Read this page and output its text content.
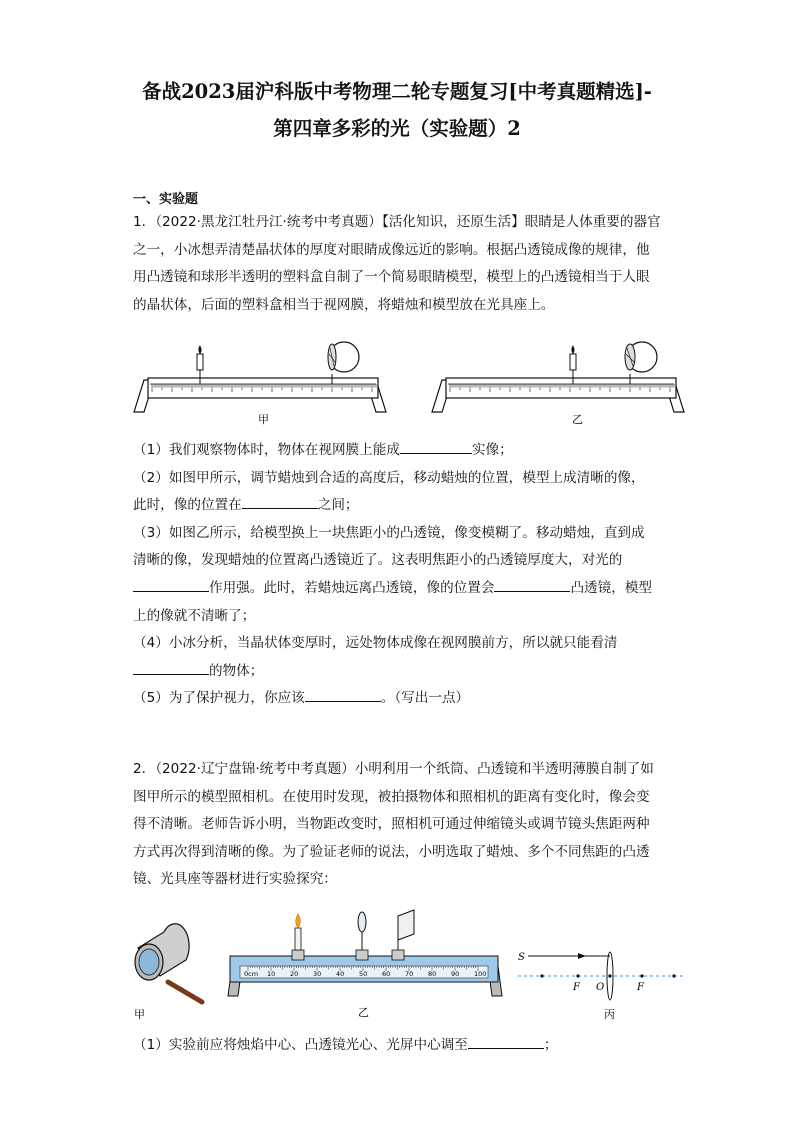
备战2023届沪科版中考物理二轮专题复习[中考真题精选]-
第四章多彩的光（实验题）2
一、实验题
1．（2022·黑龙江牡丹江·统考中考真题）【活化知识，还原生活】眼睛是人体重要的器官
之一，小冰想弄清楚晶状体的厚度对眼睛成像远近的影响。根据凸透镜成像的规律，他
用凸透镜和球形半透明的塑料盒自制了一个简易眼睛模型，模型上的凸透镜相当于人眼
的晶状体，后面的塑料盒相当于视网膜，将蜡烛和模型放在光具座上。
甲	乙
（1）我们观察物体时，物体在视网膜上能成	实像；
（2）如图甲所示，调节蜡烛到合适的高度后，移动蜡烛的位置，模型上成清晰的像，
此时，像的位置在	之间；
（3）如图乙所示，给模型换上一块焦距小的凸透镜，像变模糊了。移动蜡烛，直到成
清晰的像，发现蜡烛的位置离凸透镜近了。这表明焦距小的凸透镜厚度大，对光的
作用强。此时，若蜡烛远离凸透镜，像的位置会	凸透镜，模型
上的像就不清晰了；
（4）小冰分析，当晶状体变厚时，远处物体成像在视网膜前方，所以就只能看清
的物体；
（5）为了保护视力，你应该	。（写出一点）
2．（2022·辽宁盘锦·统考中考真题）小明利用一个纸筒、凸透镜和半透明薄膜自制了如
图甲所示的模型照相机。在使用时发现，被拍摄物体和照相机的距离有变化时，像会变
得不清晰。老师告诉小明，当物距改变时，照相机可通过伸缩镜头或调节镜头焦距两种
方式再次得到清晰的像。为了验证老师的说法，小明选取了蜡烛、多个不同焦距的凸透
镜、光具座等器材进行实验探究：
甲
0cm 10 20 30 40 50 60 70 80 90 100
乙
S
F O	F
丙
（1）实验前应将烛焰中心、凸透镜光心、光屏中心调至	；
